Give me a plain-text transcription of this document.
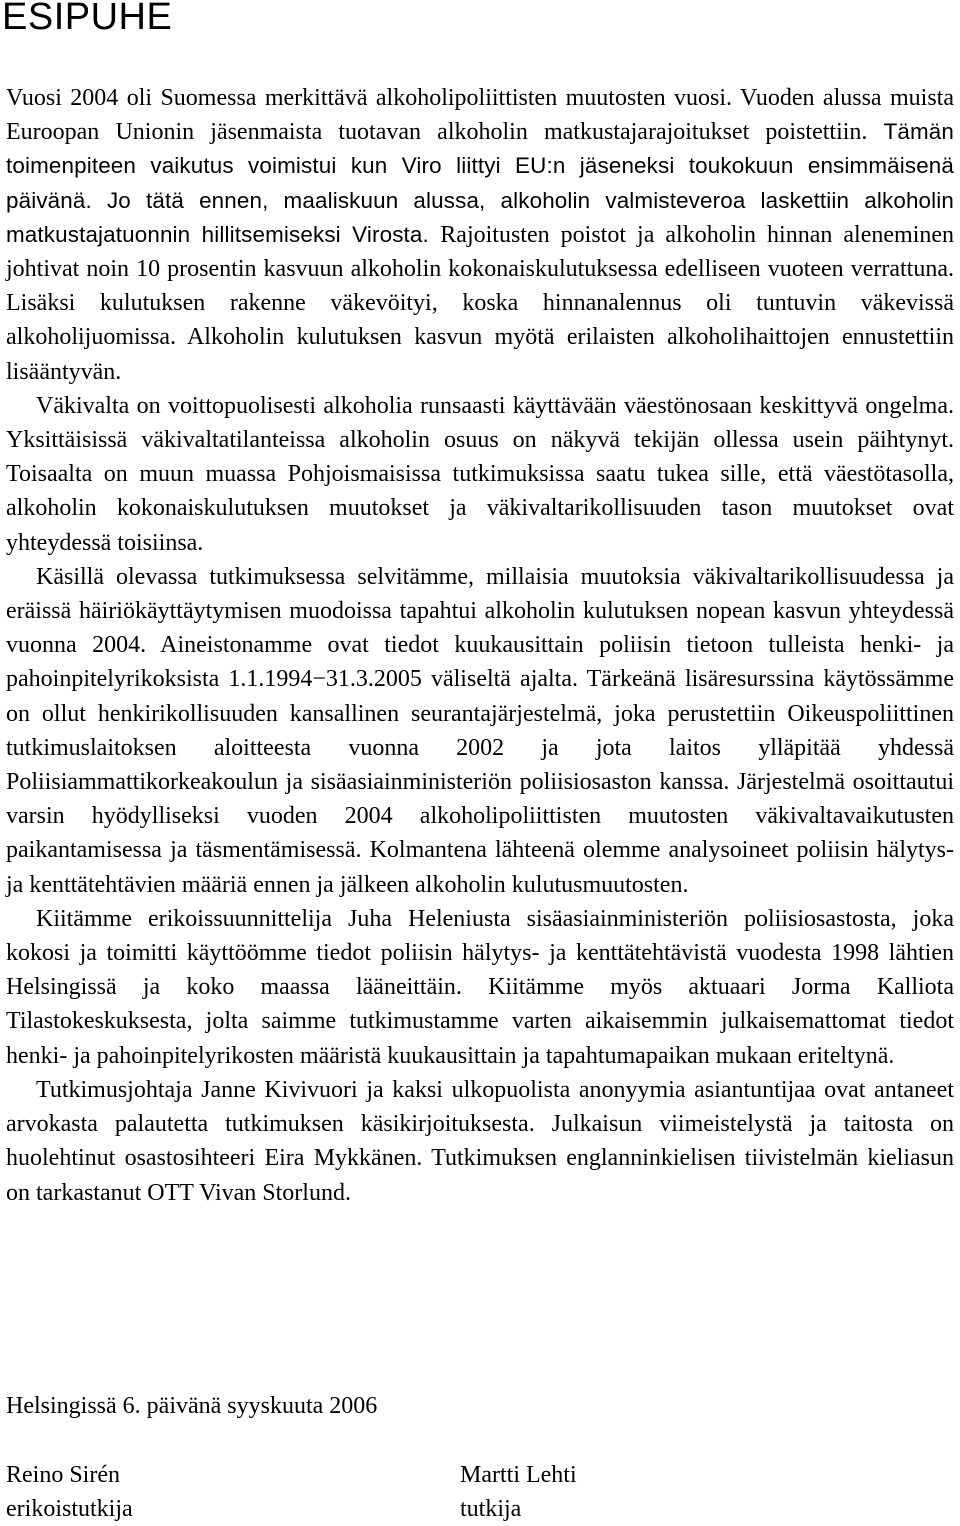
ESIPUHE

Vuosi 2004 oli Suomessa merkittävä alkoholipoliittisten muutosten vuosi. Vuoden alussa muista Euroopan Unionin jäsenmaista tuotavan alkoholin matkustajarajoitukset poistettiin. Tämän toimenpiteen vaikutus voimistui kun Viro liittyi EU:n jäseneksi toukokuun ensimmäisenä päivänä. Jo tätä ennen, maaliskuun alussa, alkoholin valmisteveroa laskettiin alkoholin matkustajatuonnin hillitsemiseksi Virosta. Rajoitusten poistot ja alkoholin hinnan aleneminen johtivat noin 10 prosentin kasvuun alkoholin kokonaiskulutuksessa edelliseen vuoteen verrattuna. Lisäksi kulutuksen rakenne väkevöityi, koska hinnanalennus oli tuntuvin väkevissä alkoholijuomissa. Alkoholin kulutuksen kasvun myötä erilaisten alkoholihaittojen ennustettiin lisääntyvän.

Väkivalta on voittopuolisesti alkoholia runsaasti käyttävään väestönosaan keskittyvä ongelma. Yksittäisissä väkivaltatilanteissa alkoholin osuus on näkyvä tekijän ollessa usein päihtynyt. Toisaalta on muun muassa Pohjoismaisissa tutkimuksissa saatu tukea sille, että väestötasolla, alkoholin kokonaiskulutuksen muutokset ja väkivaltarikollisuuden tason muutokset ovat yhteydessä toisiinsa.

Käsillä olevassa tutkimuksessa selvitämme, millaisia muutoksia väkivaltarikollisuudessa ja eräissä häiriökäyttäytymisen muodoissa tapahtui alkoholin kulutuksen nopean kasvun yhteydessä vuonna 2004. Aineistonamme ovat tiedot kuukausittain poliisin tietoon tulleista henki- ja pahoinpitelyrikoksista 1.1.1994−31.3.2005 väliseltä ajalta. Tärkeänä lisäresurssina käytössämme on ollut henkirikollisuuden kansallinen seurantajärjestelmä, joka perustettiin Oikeuspoliittinen tutkimuslaitoksen aloitteesta vuonna 2002 ja jota laitos ylläpitää yhdessä Poliisiammattikorkeakoulun ja sisäasiainministeriön poliisiosaston kanssa. Järjestelmä osoittautui varsin hyödylliseksi vuoden 2004 alkoholipoliittisten muutosten väkivaltavaikutusten paikantamisessa ja täsmentämisessä. Kolmantena lähteenä olemme analysoineet poliisin hälytys- ja kenttätehtävien määriä ennen ja jälkeen alkoholin kulutusmuutosten.

Kiitämme erikoissuunnittelija Juha Heleniusta sisäasiainministeriön poliisiosastosta, joka kokosi ja toimitti käyttöömme tiedot poliisin hälytys- ja kenttätehtävistä vuodesta 1998 lähtien Helsingissä ja koko maassa lääneittäin. Kiitämme myös aktuaari Jorma Kalliota Tilastokeskuksesta, jolta saimme tutkimustamme varten aikaisemmin julkaisemattomat tiedot henki- ja pahoinpitelyrikosten määristä kuukausittain ja tapahtumapaikan mukaan eriteltynä.

Tutkimusjohtaja Janne Kivivuori ja kaksi ulkopuolista anonyymia asiantuntijaa ovat antaneet arvokasta palautetta tutkimuksen käsikirjoituksesta. Julkaisun viimeistelystä ja taitosta on huolehtinut osastosihteeri Eira Mykkänen. Tutkimuksen englanninkielisen tiivistelmän kieliasun on tarkastanut OTT Vivan Storlund.

Helsingissä 6. päivänä syyskuuta 2006
Reino Sirén
erikoistutkija
Martti Lehti
tutkija
